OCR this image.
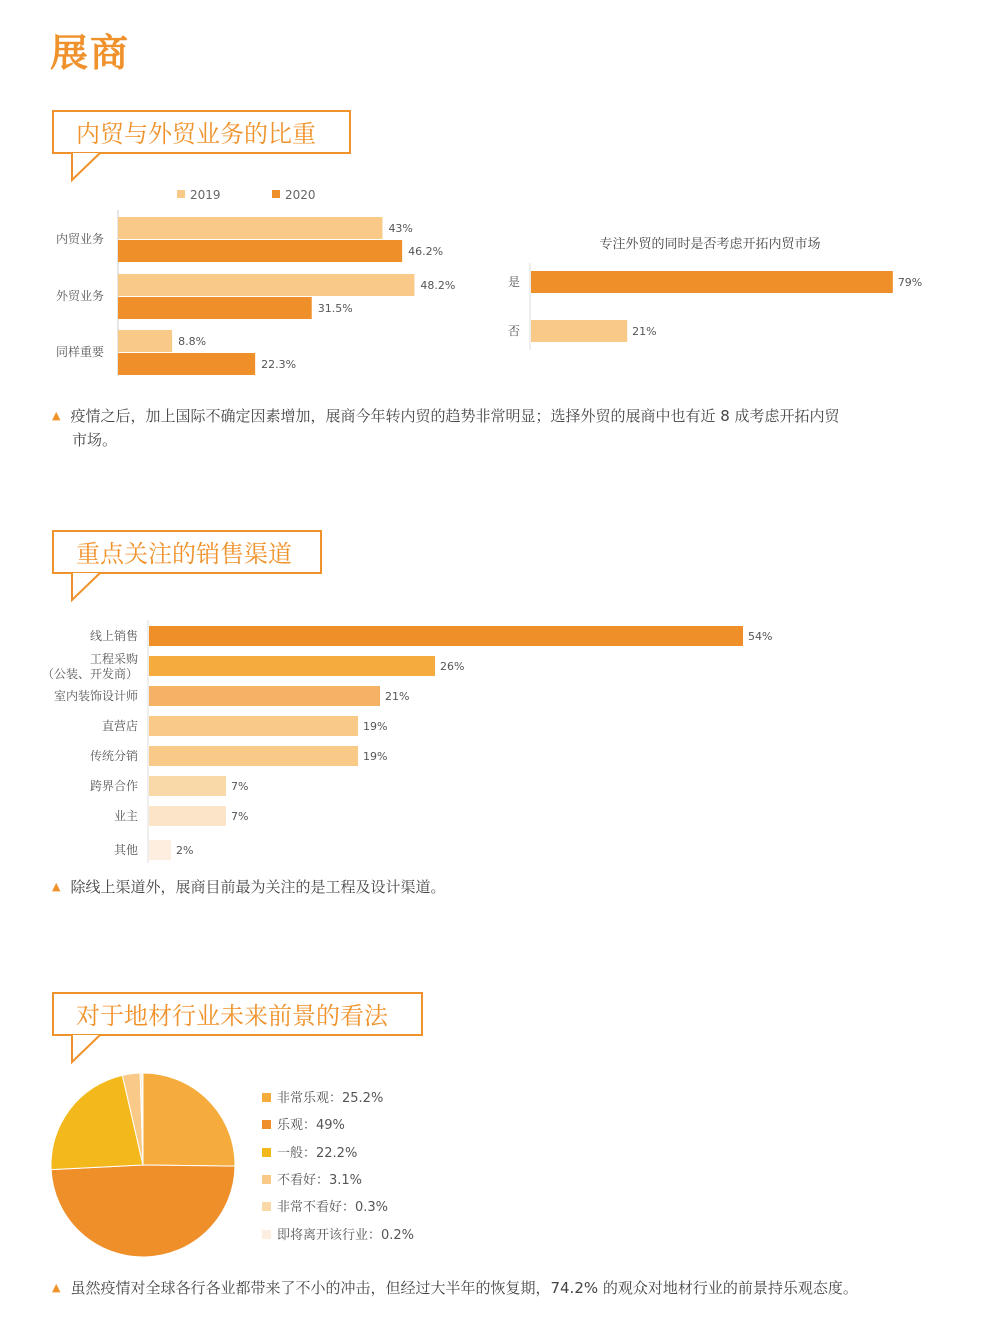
展商
内贸与外贸业务的比重
2019	2020
内贸业务
43%
46.2%
外贸业务
48.2%
31.5%
同样重要
8.8%
22.3%
专注外贸的同时是否考虑开拓内贸市场
是	79%
否	21%
▲ 疫情之后，加上国际不确定因素增加，展商今年转内贸的趋势非常明显；选择外贸的展商中也有近 8 成考虑开拓内贸
市场。
重点关注的销售渠道
线上销售	54%
工程采购
（公装、开发商）
26%
室内装饰设计师	21%
直营店	19%
传统分销	19%
跨界合作	7%
业主	7%
其他	2%
▲ 除线上渠道外，展商目前最为关注的是工程及设计渠道。
对于地材行业未来前景的看法
非常乐观：25.2%
乐观：49%
一般：22.2%
不看好：3.1%
非常不看好：0.3%
即将离开该行业：0.2%
▲ 虽然疫情对全球各行各业都带来了不小的冲击，但经过大半年的恢复期，74.2% 的观众对地材行业的前景持乐观态度。
